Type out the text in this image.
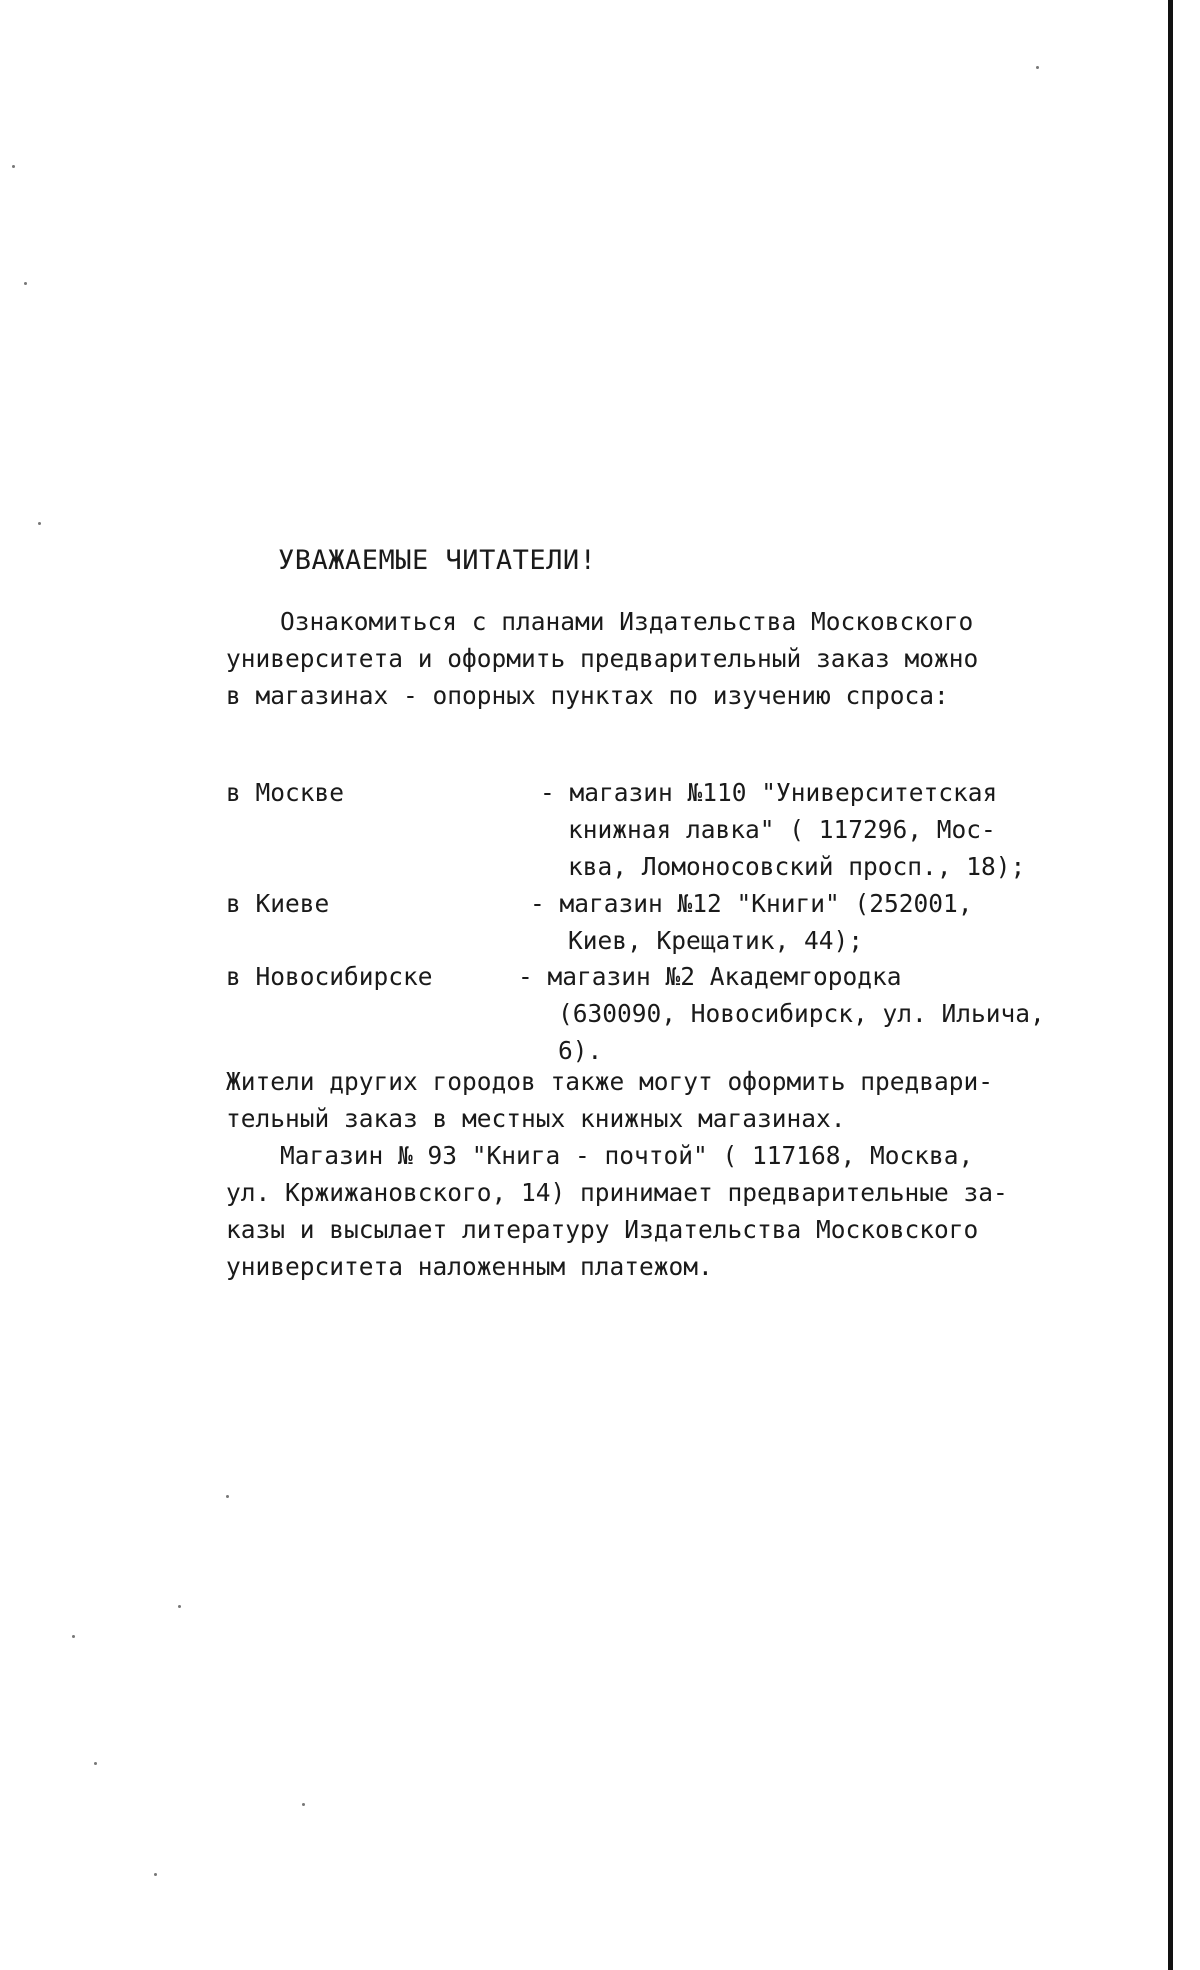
УВАЖАЕМЫЕ ЧИТАТЕЛИ!
Ознакомиться с планами Издательства Московского
университета и оформить предварительный заказ можно
в магазинах - опорных пунктах по изучению спроса:
в Москве	- магазин №110 "Университетская
книжная лавка" ( 117296, Мос-
ква, Ломоносовский просп., 18);
в Киеве	- магазин №12 "Книги" (252001,
Киев, Крещатик, 44);
в Новосибирске	- магазин №2 Академгородка
(630090, Новосибирск, ул. Ильича,
6).
Жители других городов также могут оформить предвари-
тельный заказ в местных книжных магазинах.
Магазин № 93 "Книга - почтой" ( 117168, Москва,
ул. Кржижановского, 14) принимает предварительные за-
казы и высылает литературу Издательства Московского
университета наложенным платежом.
